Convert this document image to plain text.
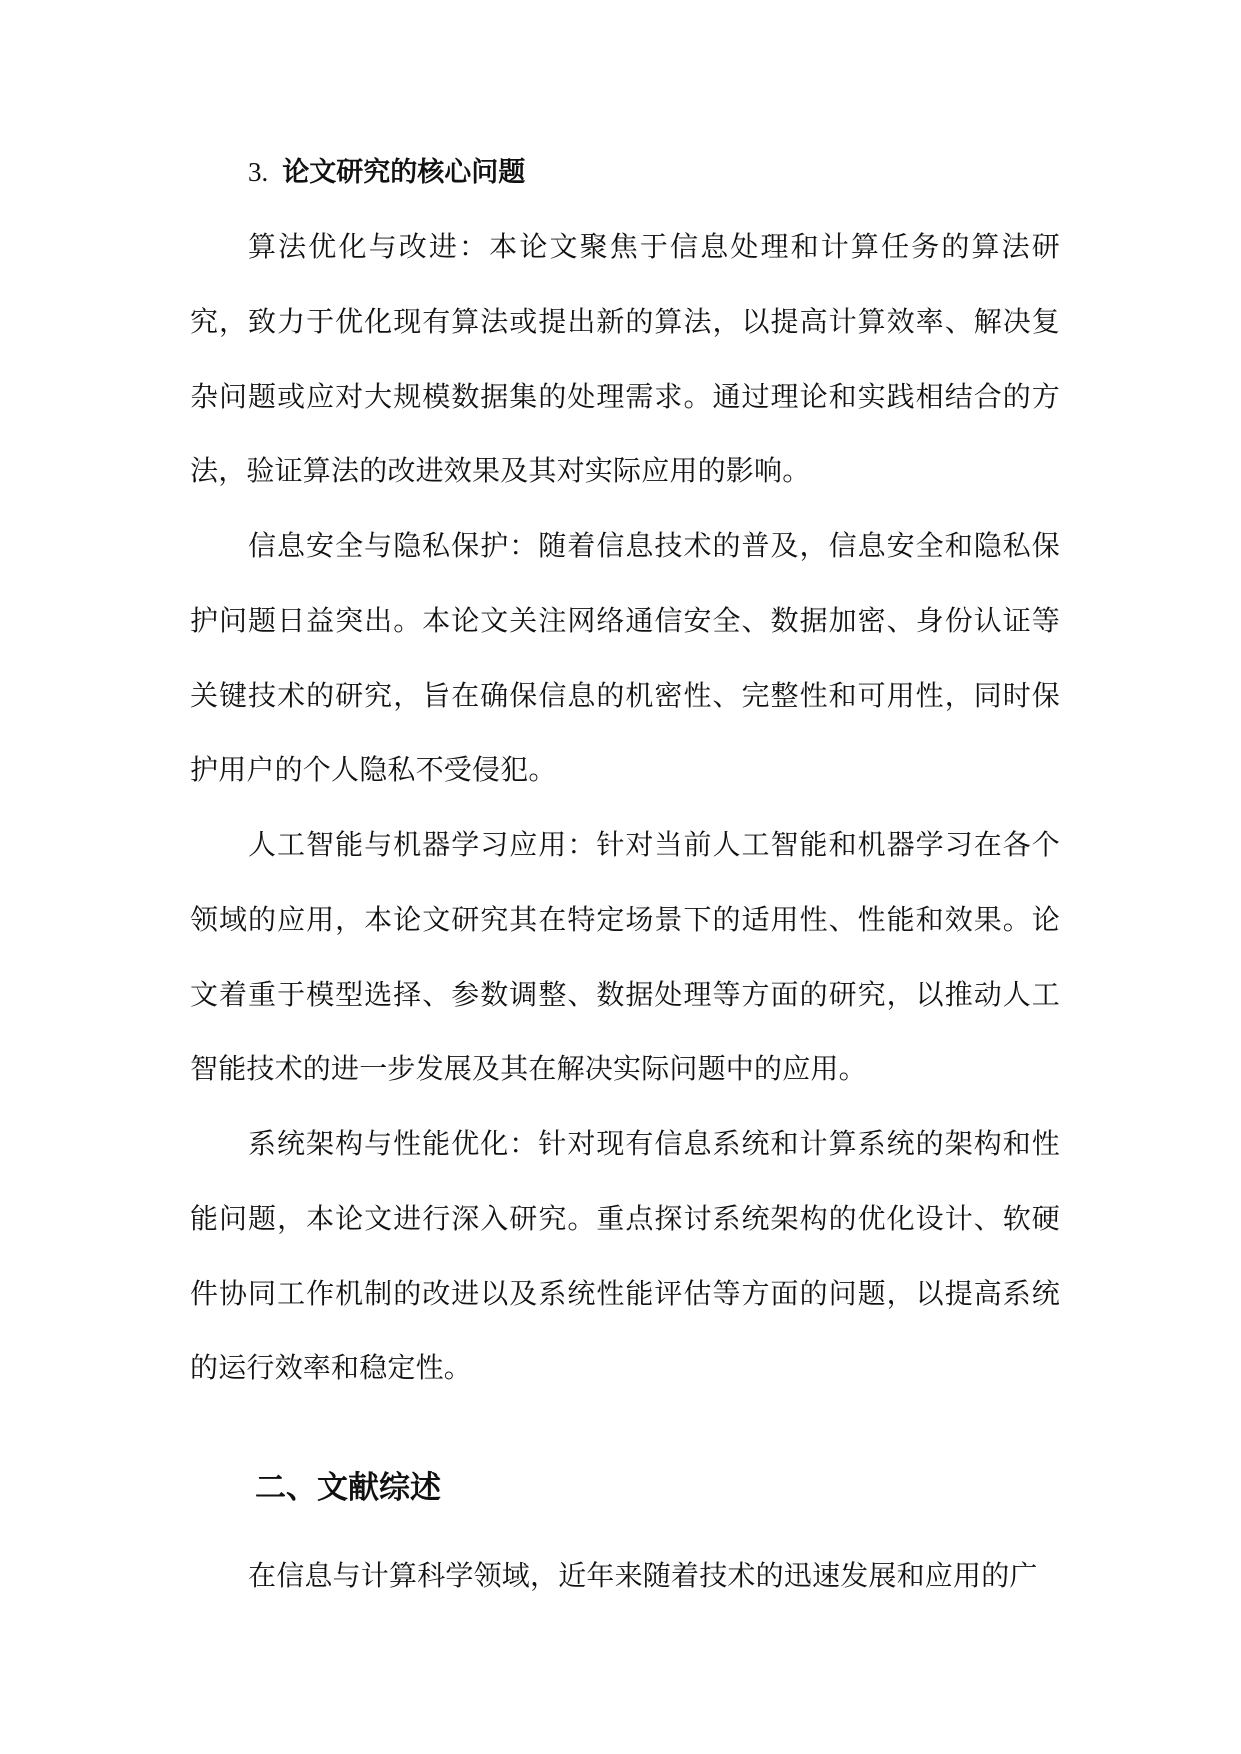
3. 论文研究的核心问题

算法优化与改进：本论文聚焦于信息处理和计算任务的算法研究，致力于优化现有算法或提出新的算法，以提高计算效率、解决复杂问题或应对大规模数据集的处理需求。通过理论和实践相结合的方法，验证算法的改进效果及其对实际应用的影响。

信息安全与隐私保护：随着信息技术的普及，信息安全和隐私保护问题日益突出。本论文关注网络通信安全、数据加密、身份认证等关键技术的研究，旨在确保信息的机密性、完整性和可用性，同时保护用户的个人隐私不受侵犯。

人工智能与机器学习应用：针对当前人工智能和机器学习在各个领域的应用，本论文研究其在特定场景下的适用性、性能和效果。论文着重于模型选择、参数调整、数据处理等方面的研究，以推动人工智能技术的进一步发展及其在解决实际问题中的应用。

系统架构与性能优化：针对现有信息系统和计算系统的架构和性能问题，本论文进行深入研究。重点探讨系统架构的优化设计、软硬件协同工作机制的改进以及系统性能评估等方面的问题，以提高系统的运行效率和稳定性。

二、文献综述

在信息与计算科学领域，近年来随着技术的迅速发展和应用的广
